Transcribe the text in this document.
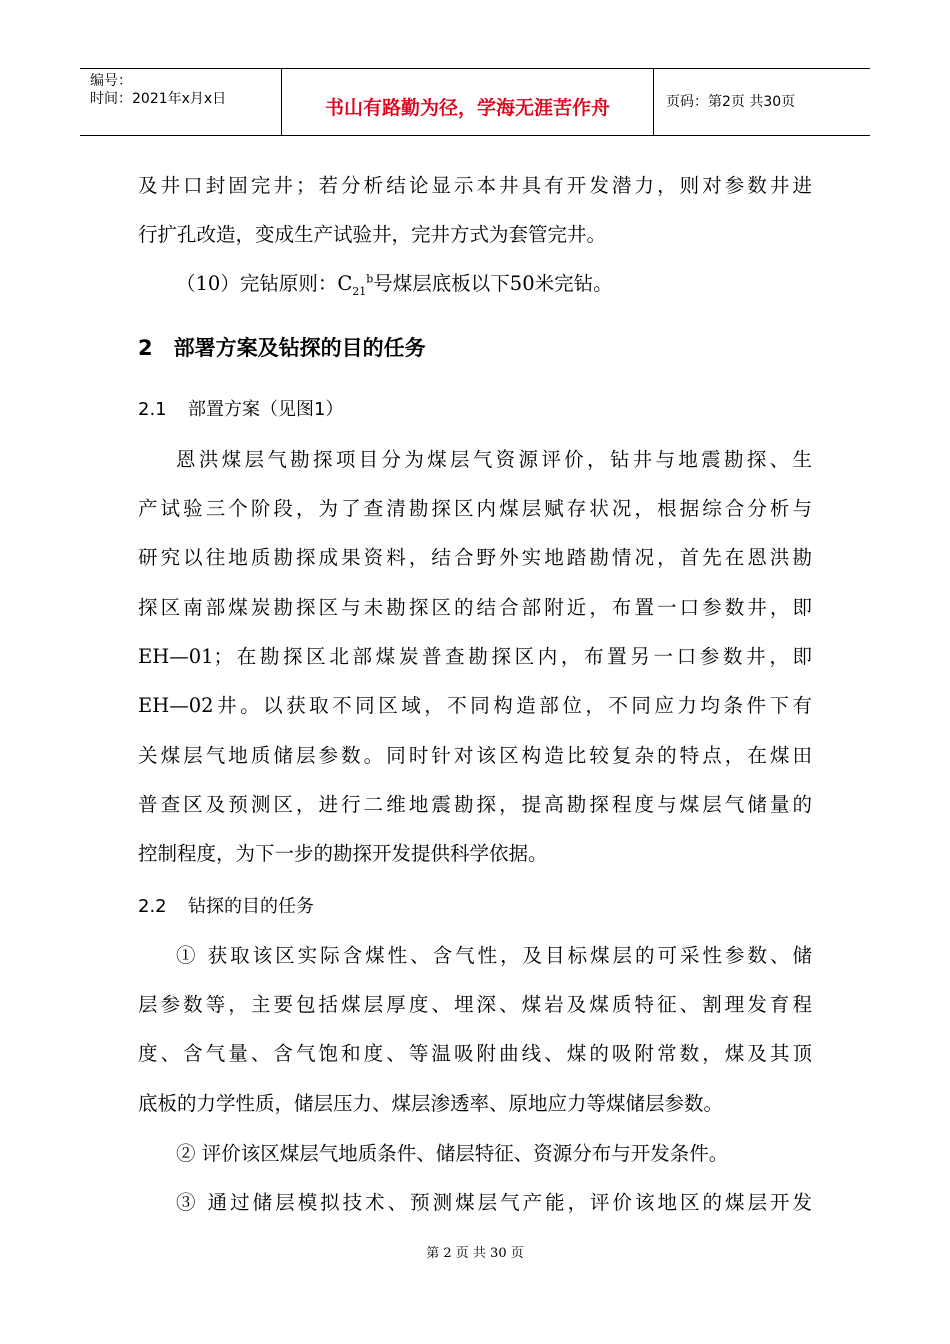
编号：
时间：2021年x月x日	书山有路勤为径，学海无涯苦作舟	页码：第2页 共30页
及井口封固完井；若分析结论显示本井具有开发潜力，则对参数井进
行扩孔改造，变成生产试验井，完井方式为套管完井。
（10）完钻原则：$C_{21}^b$号煤层底板以下50米完钻。
2　部署方案及钻探的目的任务
2.1 部置方案（见图1）
恩洪煤层气勘探项目分为煤层气资源评价，钻井与地震勘探、生
产试验三个阶段，为了查清勘探区内煤层赋存状况，根据综合分析与
研究以往地质勘探成果资料，结合野外实地踏勘情况，首先在恩洪勘
探区南部煤炭勘探区与未勘探区的结合部附近，布置一口参数井，即
EH—01；在勘探区北部煤炭普查勘探区内，布置另一口参数井，即
EH—02井。以获取不同区域，不同构造部位，不同应力均条件下有
关煤层气地质储层参数。同时针对该区构造比较复杂的特点，在煤田
普查区及预测区，进行二维地震勘探，提高勘探程度与煤层气储量的
控制程度，为下一步的勘探开发提供科学依据。
2.2 钻探的目的任务
① 获取该区实际含煤性、含气性，及目标煤层的可采性参数、储
层参数等，主要包括煤层厚度、埋深、煤岩及煤质特征、割理发育程
度、含气量、含气饱和度、等温吸附曲线、煤的吸附常数，煤及其顶
底板的力学性质，储层压力、煤层渗透率、原地应力等煤储层参数。
② 评价该区煤层气地质条件、储层特征、资源分布与开发条件。
③ 通过储层模拟技术、预测煤层气产能，评价该地区的煤层开发
第 2 页 共 30 页
